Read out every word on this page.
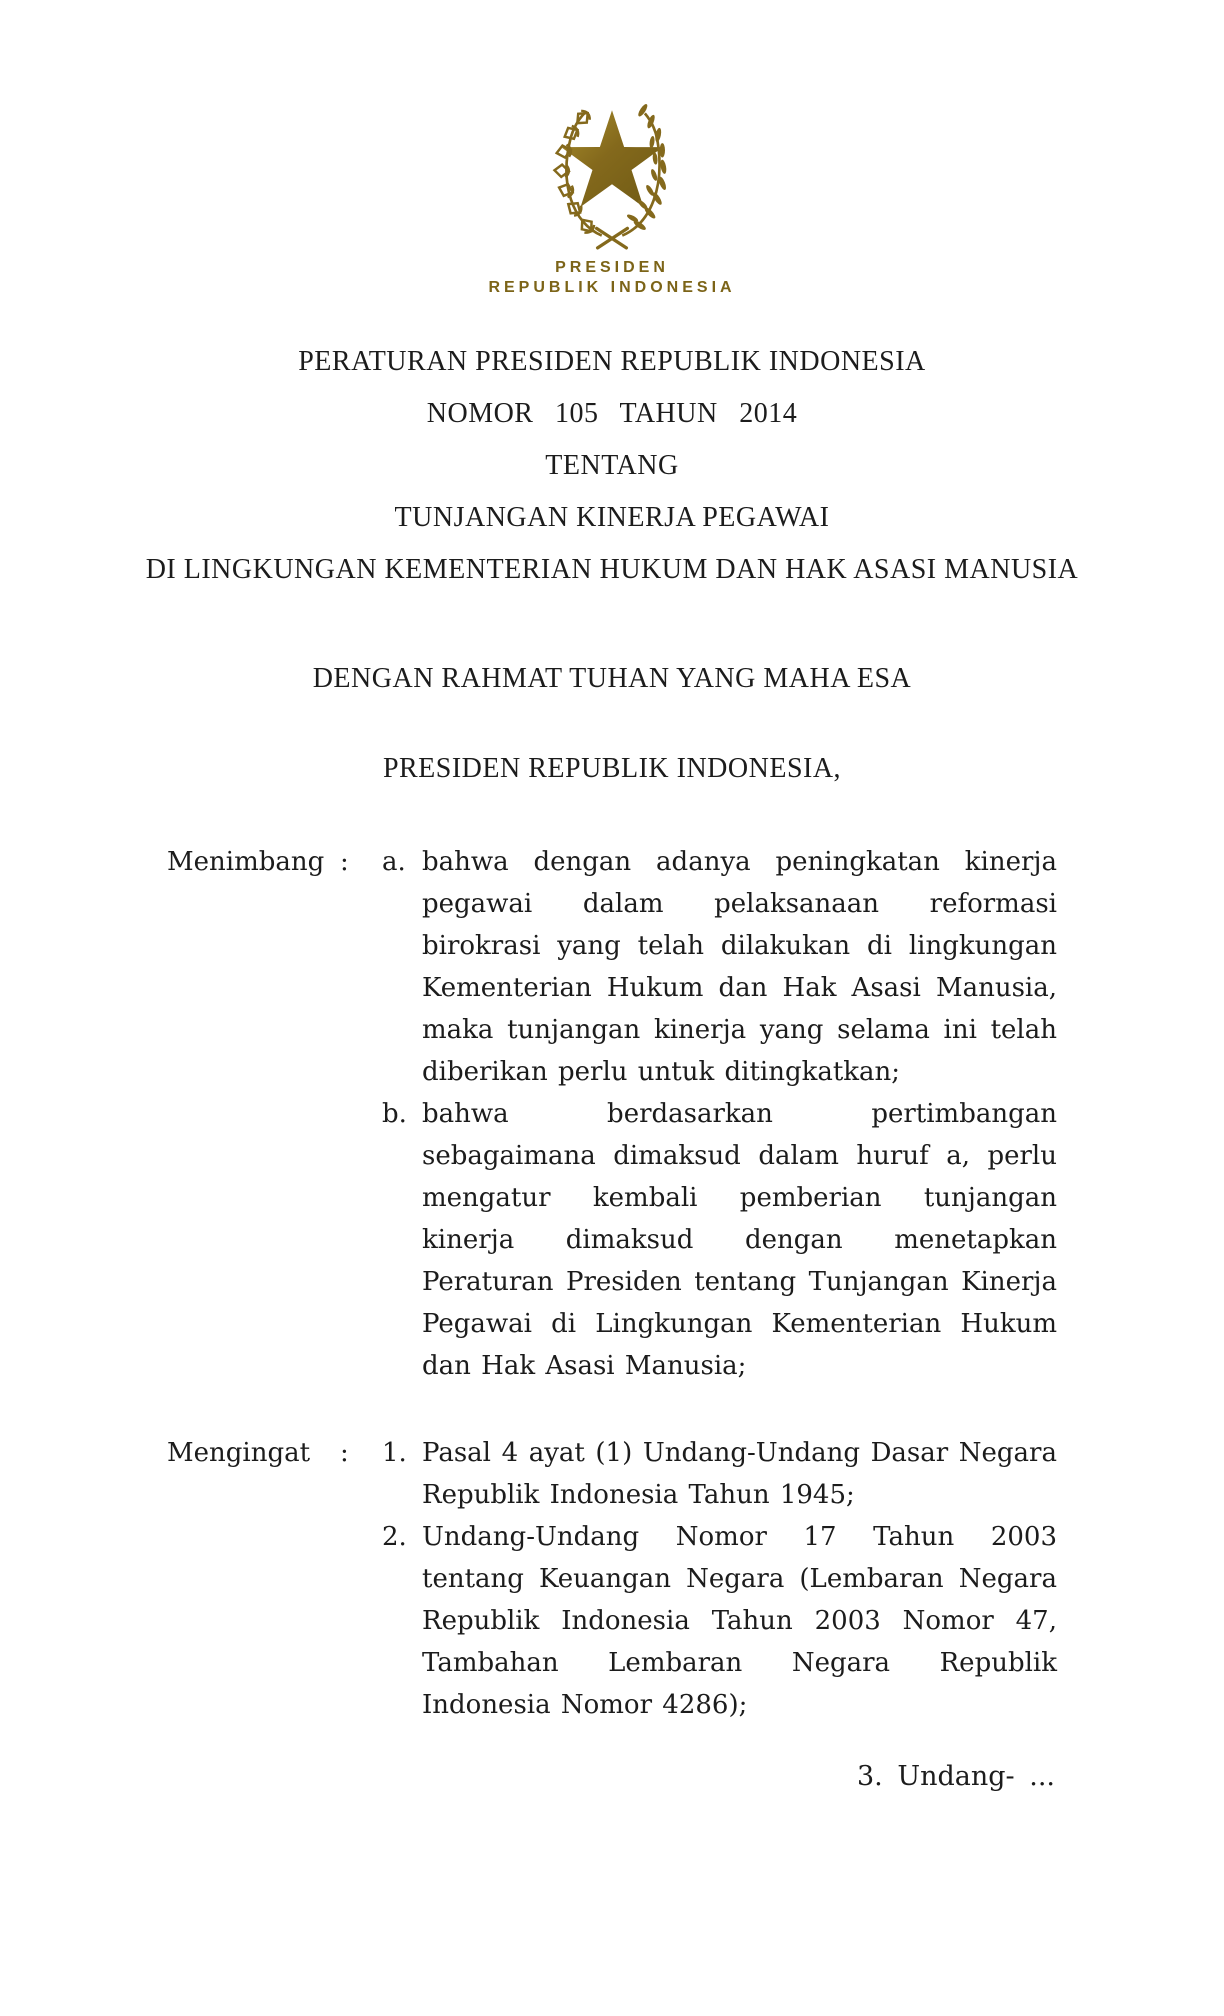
PRESIDEN
REPUBLIK INDONESIA
PERATURAN PRESIDEN REPUBLIK INDONESIA
NOMOR 105 TAHUN 2014
TENTANG
TUNJANGAN KINERJA PEGAWAI
DI LINGKUNGAN KEMENTERIAN HUKUM DAN HAK ASASI MANUSIA
DENGAN RAHMAT TUHAN YANG MAHA ESA
PRESIDEN REPUBLIK INDONESIA,
Menimbang :	a. bahwa dengan adanya peningkatan kinerja pegawai dalam pelaksanaan reformasi birokrasi yang telah dilakukan di lingkungan Kementerian Hukum dan Hak Asasi Manusia, maka tunjangan kinerja yang selama ini telah diberikan perlu untuk ditingkatkan;
b. bahwa berdasarkan pertimbangan sebagaimana dimaksud dalam huruf a, perlu mengatur kembali pemberian tunjangan kinerja dimaksud dengan menetapkan Peraturan Presiden tentang Tunjangan Kinerja Pegawai di Lingkungan Kementerian Hukum dan Hak Asasi Manusia;
Mengingat	:	1. Pasal 4 ayat (1) Undang-Undang Dasar Negara Republik Indonesia Tahun 1945;
2. Undang-Undang Nomor 17 Tahun 2003 tentang Keuangan Negara (Lembaran Negara Republik Indonesia Tahun 2003 Nomor 47, Tambahan Lembaran Negara Republik Indonesia Nomor 4286);
3. Undang- ...
